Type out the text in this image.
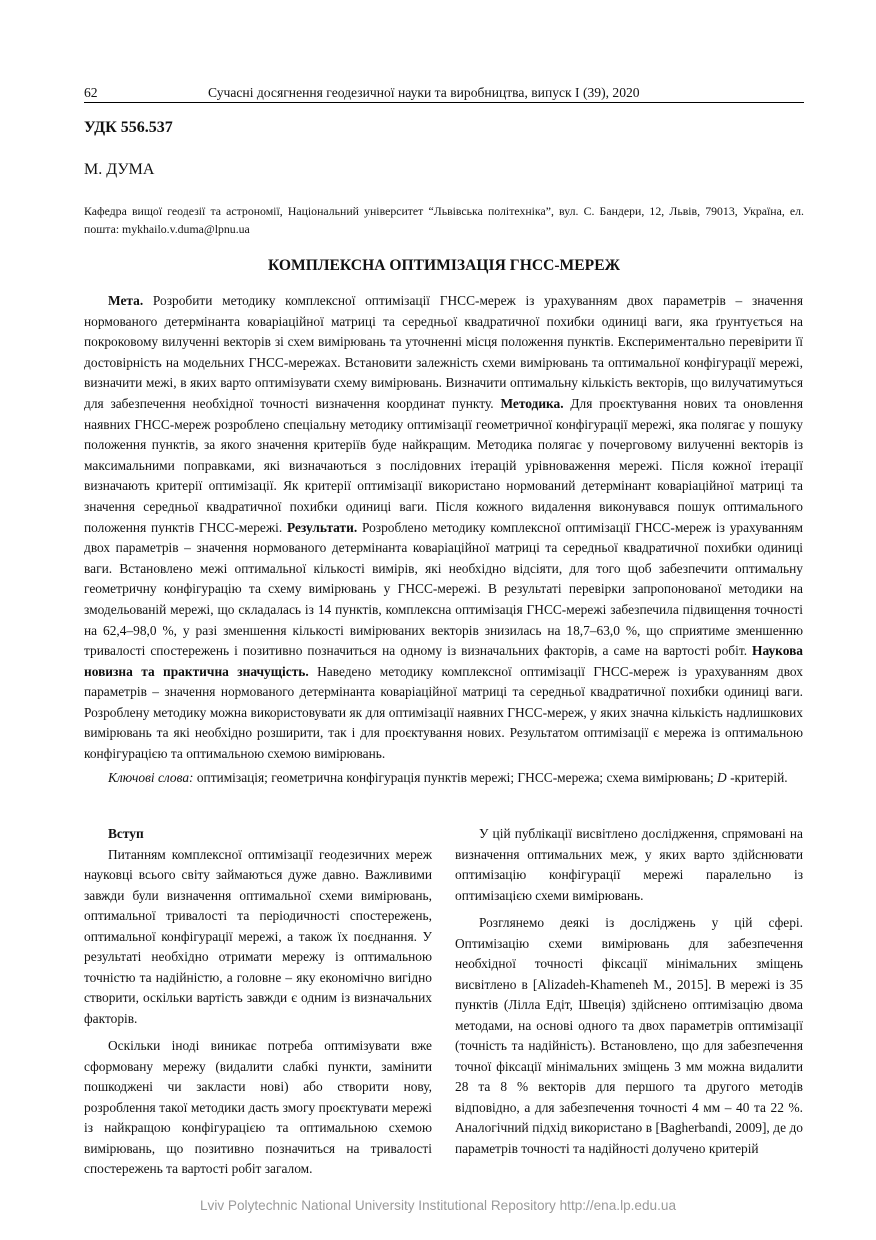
62	Сучасні досягнення геодезичної науки та виробництва, випуск I (39), 2020
УДК 556.537
М. ДУМА
Кафедра вищої геодезії та астрономії, Національний університет “Львівська політехніка”, вул. С. Бандери, 12, Львів, 79013, Україна, ел. пошта: mykhailo.v.duma@lpnu.ua
КОМПЛЕКСНА ОПТИМІЗАЦІЯ ГНСС-МЕРЕЖ

Мета. Розробити методику комплексної оптимізації ГНСС-мереж із урахуванням двох параметрів – значення нормованого детермінанта коваріаційної матриці та середньої квадратичної похибки одиниці ваги, яка ґрунтується на покроковому вилученні векторів зі схем вимірювань та уточненні місця положення пунктів. Експериментально перевірити її достовірність на модельних ГНСС-мережах. Встановити залежність схеми вимірювань та оптимальної конфігурації мережі, визначити межі, в яких варто оптимізувати схему вимірювань. Визначити оптимальну кількість векторів, що вилучатимуться для забезпечення необхідної точності визначення координат пункту. Методика. Для проєктування нових та оновлення наявних ГНСС-мереж розроблено спеціальну методику оптимізації геометричної конфігурації мережі, яка полягає у пошуку положення пунктів, за якого значення критеріїв буде найкращим. Методика полягає у почерговому вилученні векторів із максимальними поправками, які визначаються з послідовних ітерацій урівноваження мережі. Після кожної ітерації визначають критерії оптимізації. Як критерії оптимізації використано нормований детермінант коваріаційної матриці та значення середньої квадратичної похибки одиниці ваги. Після кожного видалення виконувався пошук оптимального положення пунктів ГНСС-мережі. Результати. Розроблено методику комплексної оптимізації ГНСС-мереж із урахуванням двох параметрів – значення нормованого детермінанта коваріаційної матриці та середньої квадратичної похибки одиниці ваги. Встановлено межі оптимальної кількості вимірів, які необхідно відсіяти, для того щоб забезпечити оптимальну геометричну конфігурацію та схему вимірювань у ГНСС-мережі. В результаті перевірки запропонованої методики на змодельованій мережі, що складалась із 14 пунктів, комплексна оптимізація ГНСС-мережі забезпечила підвищення точності на 62,4–98,0 %, у разі зменшення кількості вимірюваних векторів знизилась на 18,7–63,0 %, що сприятиме зменшенню тривалості спостережень і позитивно позначиться на одному із визначальних факторів, а саме на вартості робіт. Наукова новизна та практична значущість. Наведено методику комплексної оптимізації ГНСС-мереж із урахуванням двох параметрів – значення нормованого детермінанта коваріаційної матриці та середньої квадратичної похибки одиниці ваги. Розроблену методику можна використовувати як для оптимізації наявних ГНСС-мереж, у яких значна кількість надлишкових вимірювань та які необхідно розширити, так і для проєктування нових. Результатом оптимізації є мережа із оптимальною конфігурацією та оптимальною схемою вимірювань.

Ключові слова: оптимізація; геометрична конфігурація пунктів мережі; ГНСС-мережа; схема вимірювань; D -критерій.

Вступ

Питанням комплексної оптимізації геодезичних мереж науковці всього світу займаються дуже давно. Важливими завжди були визначення оптимальної схеми вимірювань, оптимальної тривалості та періодичності спостережень, оптимальної конфігурації мережі, а також їх поєднання. У результаті необхідно отримати мережу із оптимальною точністю та надійністю, а головне – яку економічно вигідно створити, оскільки вартість завжди є одним із визначальних факторів.

Оскільки іноді виникає потреба оптимізувати вже сформовану мережу (видалити слабкі пункти, замінити пошкоджені чи закласти нові) або створити нову, розроблення такої методики дасть змогу проєктувати мережі із найкращою конфігурацією та оптимальною схемою вимірювань, що позитивно позначиться на тривалості спостережень та вартості робіт загалом.

У цій публікації висвітлено дослідження, спрямовані на визначення оптимальних меж, у яких варто здійснювати оптимізацію конфігурації мережі паралельно із оптимізацією схеми вимірювань.

Розглянемо деякі із досліджень у цій сфері. Оптимізацію схеми вимірювань для забезпечення необхідної точності фіксації мінімальних зміщень висвітлено в [Alizadeh-Khameneh M., 2015]. В мережі із 35 пунктів (Лілла Едіт, Швеція) здійснено оптимізацію двома методами, на основі одного та двох параметрів оптимізації (точність та надійність). Встановлено, що для забезпечення точної фіксації мінімальних зміщень 3 мм можна видалити 28 та 8 % векторів для першого та другого методів відповідно, а для забезпечення точності 4 мм – 40 та 22 %. Аналогічний підхід використано в [Bagherbandi, 2009], де до параметрів точності та надійності долучено критерій

Lviv Polytechnic National University Institutional Repository http://ena.lp.edu.ua
